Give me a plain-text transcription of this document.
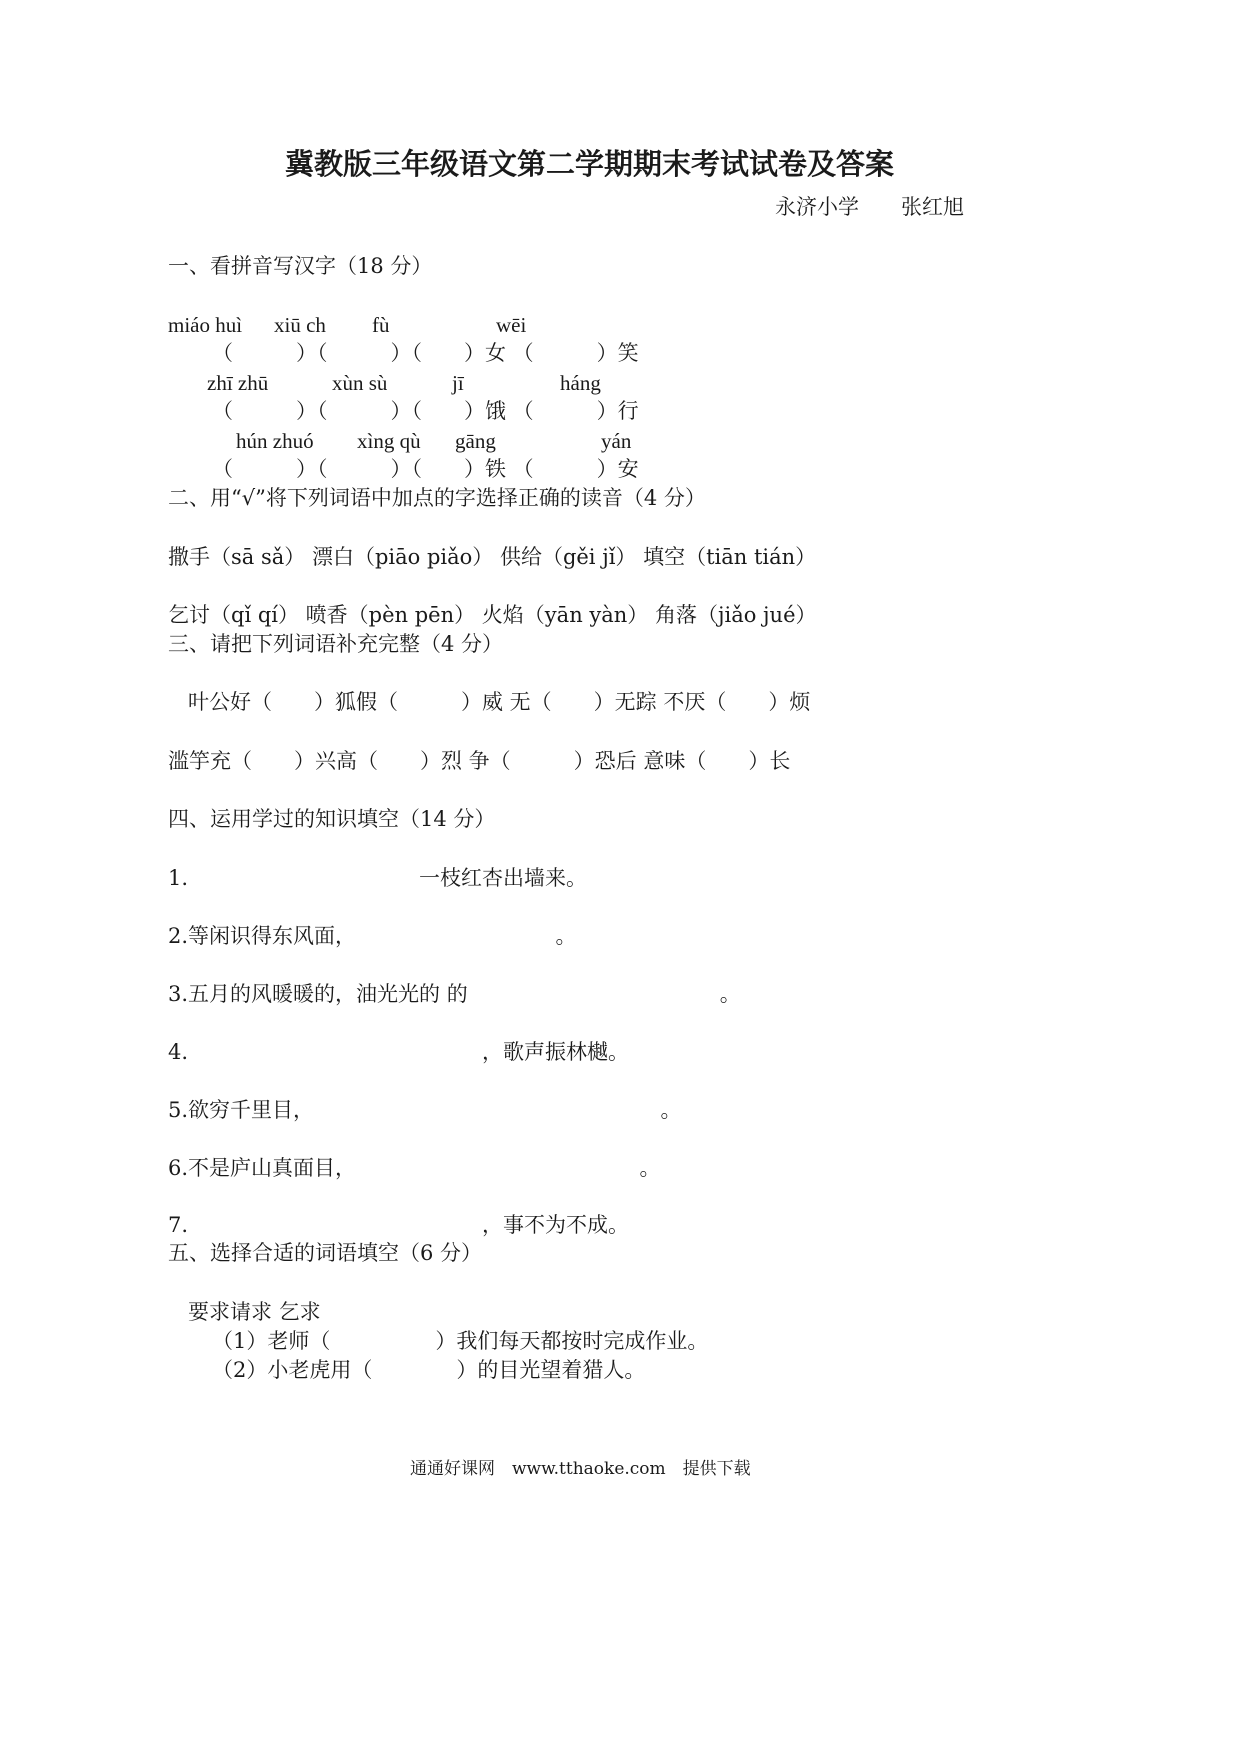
冀教版三年级语文第二学期期末考试试卷及答案
永济小学　　张红旭
一、看拼音写汉字（18 分）
miáo huì xiū ch fù	wēi
（　　　）（　　　）（　　）女 （　　　）笑
zhī zhū	xùn sù	jī	háng
（　　　）（　　　）（　　）饿 （　　　）行
hún zhuó xìng qù gāng	yán
（　　　）（　　　）（　　）铁 （　　　）安
二、用“√”将下列词语中加点的字选择正确的读音（4 分）
撒手（sā sǎ） 漂白（piāo piǎo） 供给（gěi jǐ） 填空（tiān tián）
乞讨（qǐ qí） 喷香（pèn pēn） 火焰（yān yàn） 角落（jiǎo jué）
三、请把下列词语补充完整（4 分）
叶公好（　　）狐假（　　　）威 无（　　）无踪 不厌（　　）烦
滥竽充（　　）兴高（　　）烈 争（　　　）恐后 意味（　　）长
四、运用学过的知识填空（14 分）
1.　　　　　　　　　　　一枝红杏出墙来。
2.等闲识得东风面，　　　　　　　　　　。
3.五月的风暖暖的，油光光的 的　　　　　　　　　　　　。
4.　　　　　　　　　　　　　　，歌声振林樾。
5.欲穷千里目，　　　　　　　　　　　　　　　　　。
6.不是庐山真面目，　　　　　　　　　　　　　　。
7.　　　　　　　　　　　　　　，事不为不成。
五、选择合适的词语填空（6 分）
要求请求 乞求
（1）老师（　　　　　）我们每天都按时完成作业。
（2）小老虎用（　　　　）的目光望着猎人。
通通好课网　www.tthaoke.com　提供下载
